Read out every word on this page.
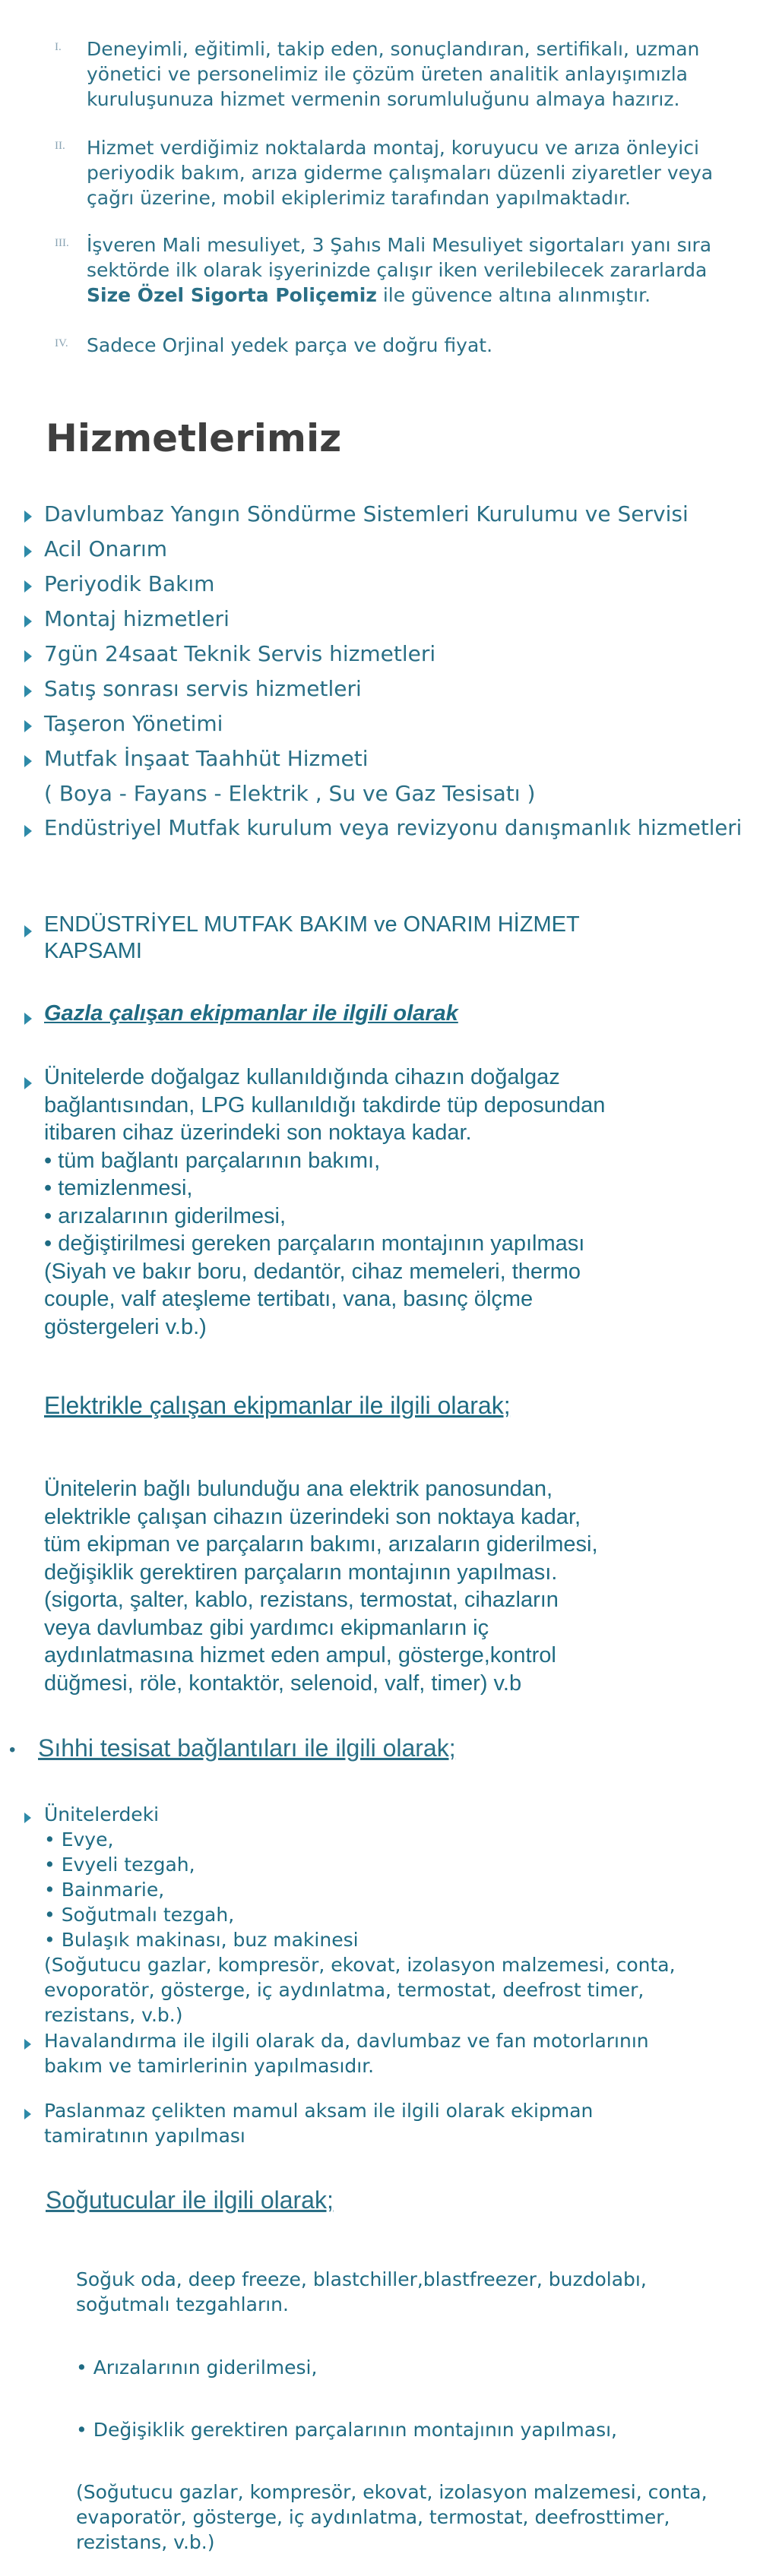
I. Deneyimli, eğitimli, takip eden, sonuçlandıran, sertifikalı, uzman
yönetici ve personelimiz ile çözüm üreten analitik anlayışımızla
kuruluşunuza hizmet vermenin sorumluluğunu almaya hazırız.
II. Hizmet verdiğimiz noktalarda montaj, koruyucu ve arıza önleyici
periyodik bakım, arıza giderme çalışmaları düzenli ziyaretler veya
çağrı üzerine, mobil ekiplerimiz tarafından yapılmaktadır.
III. İşveren Mali mesuliyet, 3 Şahıs Mali Mesuliyet sigortaları yanı sıra
sektörde ilk olarak işyerinizde çalışır iken verilebilecek zararlarda
Size Özel Sigorta Poliçemiz ile güvence altına alınmıştır.
IV. Sadece Orjinal yedek parça ve doğru fiyat.
Hizmetlerimiz
Davlumbaz Yangın Söndürme Sistemleri Kurulumu ve Servisi
Acil Onarım
Periyodik Bakım
Montaj hizmetleri
7gün 24saat Teknik Servis hizmetleri
Satış sonrası servis hizmetleri
Taşeron Yönetimi
Mutfak İnşaat Taahhüt Hizmeti
( Boya - Fayans - Elektrik , Su ve Gaz Tesisatı )
Endüstriyel Mutfak kurulum veya revizyonu danışmanlık hizmetleri
ENDÜSTRİYEL MUTFAK BAKIM ve ONARIM HİZMET
KAPSAMI
Gazla çalışan ekipmanlar ile ilgili olarak
Ünitelerde doğalgaz kullanıldığında cihazın doğalgaz
bağlantısından, LPG kullanıldığı takdirde tüp deposundan
itibaren cihaz üzerindeki son noktaya kadar.
• tüm bağlantı parçalarının bakımı,
• temizlenmesi,
• arızalarının giderilmesi,
• değiştirilmesi gereken parçaların montajının yapılması
(Siyah ve bakır boru, dedantör, cihaz memeleri, thermo
couple, valf ateşleme tertibatı, vana, basınç ölçme
göstergeleri v.b.)
Elektrikle çalışan ekipmanlar ile ilgili olarak;
Ünitelerin bağlı bulunduğu ana elektrik panosundan,
elektrikle çalışan cihazın üzerindeki son noktaya kadar,
tüm ekipman ve parçaların bakımı, arızaların giderilmesi,
değişiklik gerektiren parçaların montajının yapılması.
(sigorta, şalter, kablo, rezistans, termostat, cihazların
veya davlumbaz gibi yardımcı ekipmanların iç
aydınlatmasına hizmet eden ampul, gösterge,kontrol
düğmesi, röle, kontaktör, selenoid, valf, timer) v.b
• Sıhhi tesisat bağlantıları ile ilgili olarak;
Ünitelerdeki
• Evye,
• Evyeli tezgah,
• Bainmarie,
• Soğutmalı tezgah,
• Bulaşık makinası, buz makinesi
(Soğutucu gazlar, kompresör, ekovat, izolasyon malzemesi, conta,
evoporatör, gösterge, iç aydınlatma, termostat, deefrost timer,
rezistans, v.b.)
Havalandırma ile ilgili olarak da, davlumbaz ve fan motorlarının
bakım ve tamirlerinin yapılmasıdır.
Paslanmaz çelikten mamul aksam ile ilgili olarak ekipman
tamiratının yapılması
Soğutucular ile ilgili olarak;
Soğuk oda, deep freeze, blastchiller,blastfreezer, buzdolabı,
soğutmalı tezgahların.
• Arızalarının giderilmesi,
• Değişiklik gerektiren parçalarının montajının yapılması,
(Soğutucu gazlar, kompresör, ekovat, izolasyon malzemesi, conta,
evaporatör, gösterge, iç aydınlatma, termostat, deefrosttimer,
rezistans, v.b.)
